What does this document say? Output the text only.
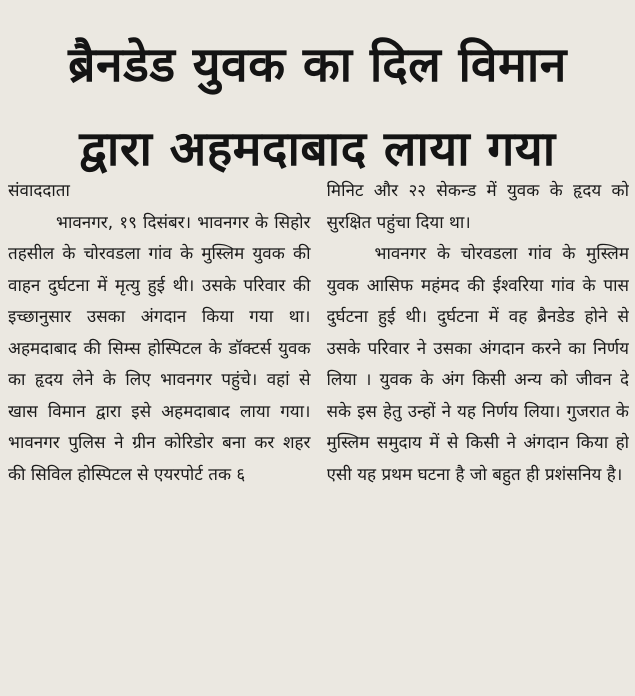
ब्रैनडेड युवक का दिल विमान
द्वारा अहमदाबाद लाया गया
संवाददाता

भावनगर, १९ दिसंबर। भावनगर के सिहोर तहसील के चोरवडला गांव के मुस्लिम युवक की वाहन दुर्घटना में मृत्यु हुई थी। उसके परिवार की इच्छानुसार उसका अंगदान किया गया था। अहमदाबाद की सिम्स होस्पिटल के डॉक्टर्स युवक का हृदय लेने के लिए भावनगर पहुंचे। वहां से खास विमान द्वारा इसे अहमदाबाद लाया गया। भावनगर पुलिस ने ग्रीन कोरिडोर बना कर शहर की सिविल होस्पिटल से एयरपोर्ट तक ६

मिनिट और २२ सेकन्ड में युवक के हृदय को सुरक्षित पहुंचा दिया था।

भावनगर के चोरवडला गांव के मुस्लिम युवक आसिफ महंमद की ईश्वरिया गांव के पास दुर्घटना हुई थी। दुर्घटना में वह ब्रैनडेड होने से उसके परिवार ने उसका अंगदान करने का निर्णय लिया । युवक के अंग किसी अन्य को जीवन दे सके इस हेतु उन्हों ने यह निर्णय लिया। गुजरात के मुस्लिम समुदाय में से किसी ने अंगदान किया हो एसी यह प्रथम घटना है जो बहुत ही प्रशंसनिय है।
